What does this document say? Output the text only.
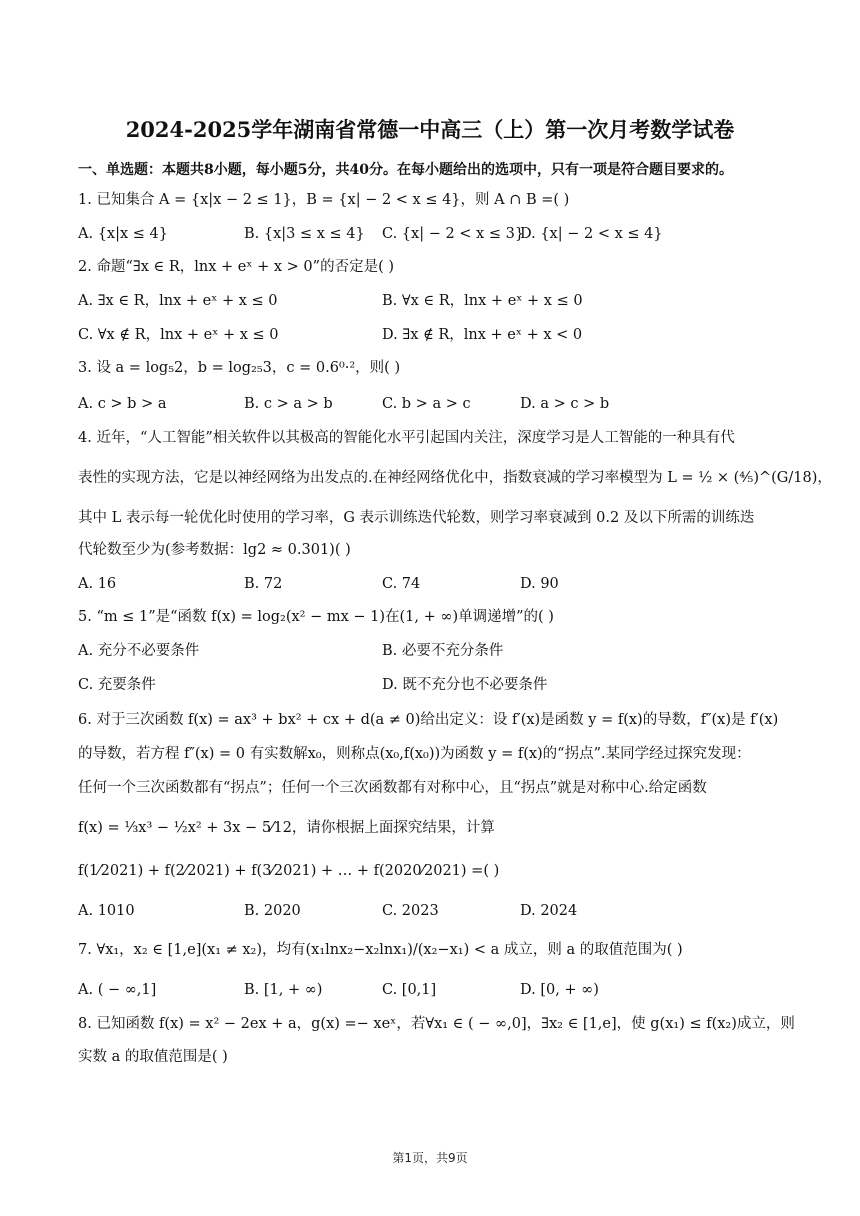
2024-2025学年湖南省常德一中高三（上）第一次月考数学试卷
一、单选题：本题共8小题，每小题5分，共40分。在每小题给出的选项中，只有一项是符合题目要求的。
1. 已知集合 A = {x|x − 2 ≤ 1}，B = {x| − 2 < x ≤ 4}，则 A ∩ B =( )
A. {x|x ≤ 4}	B. {x|3 ≤ x ≤ 4} C. {x| − 2 < x ≤ 3}
D. {x| − 2 < x ≤ 4}
2. 命题“∃x ∈ R，lnx + eˣ + x > 0”的否定是( )
A. ∃x ∈ R，lnx + eˣ + x ≤ 0	B. ∀x ∈ R，lnx + eˣ + x ≤ 0
C. ∀x ∉ R，lnx + eˣ + x ≤ 0	D. ∃x ∉ R，lnx + eˣ + x < 0
3. 设 a = log₅2，b = log₂₅3，c = 0.6⁰·²，则( )
A. c > b > a	B. c > a > b	C. b > a > c	D. a > c > b
4. 近年，“人工智能”相关软件以其极高的智能化水平引起国内关注，深度学习是人工智能的一种具有代
表性的实现方法，它是以神经网络为出发点的.在神经网络优化中，指数衰减的学习率模型为 L = ½ × (⁴⁄₅)^(G/18)，
其中 L 表示每一轮优化时使用的学习率，G 表示训练迭代轮数，则学习率衰减到 0.2 及以下所需的训练迭
代轮数至少为(参考数据：lg2 ≈ 0.301)( )
A. 16	B. 72	C. 74	D. 90
5. “m ≤ 1”是“函数 f(x) = log₂(x² − mx − 1)在(1, + ∞)单调递增”的( )
A. 充分不必要条件	B. 必要不充分条件
C. 充要条件	D. 既不充分也不必要条件
6. 对于三次函数 f(x) = ax³ + bx² + cx + d(a ≠ 0)给出定义：设 f′(x)是函数 y = f(x)的导数，f″(x)是 f′(x)
的导数，若方程 f″(x) = 0 有实数解x₀，则称点(x₀,f(x₀))为函数 y = f(x)的“拐点”.某同学经过探究发现：
任何一个三次函数都有“拐点”；任何一个三次函数都有对称中心，且“拐点”就是对称中心.给定函数
f(x) = ⅓x³ − ½x² + 3x − 5⁄12，请你根据上面探究结果，计算
f(1⁄2021) + f(2⁄2021) + f(3⁄2021) + … + f(2020⁄2021) =( )
A. 1010	B. 2020	C. 2023	D. 2024
7. ∀x₁，x₂ ∈ [1,e](x₁ ≠ x₂)，均有(x₁lnx₂−x₂lnx₁)/(x₂−x₁) < a 成立，则 a 的取值范围为( )
A. ( − ∞,1]	B. [1, + ∞)	C. [0,1]	D. [0, + ∞)
8. 已知函数 f(x) = x² − 2ex + a，g(x) =− xeˣ，若∀x₁ ∈ ( − ∞,0]，∃x₂ ∈ [1,e]，使 g(x₁) ≤ f(x₂)成立，则
实数 a 的取值范围是( )
第1页，共9页
